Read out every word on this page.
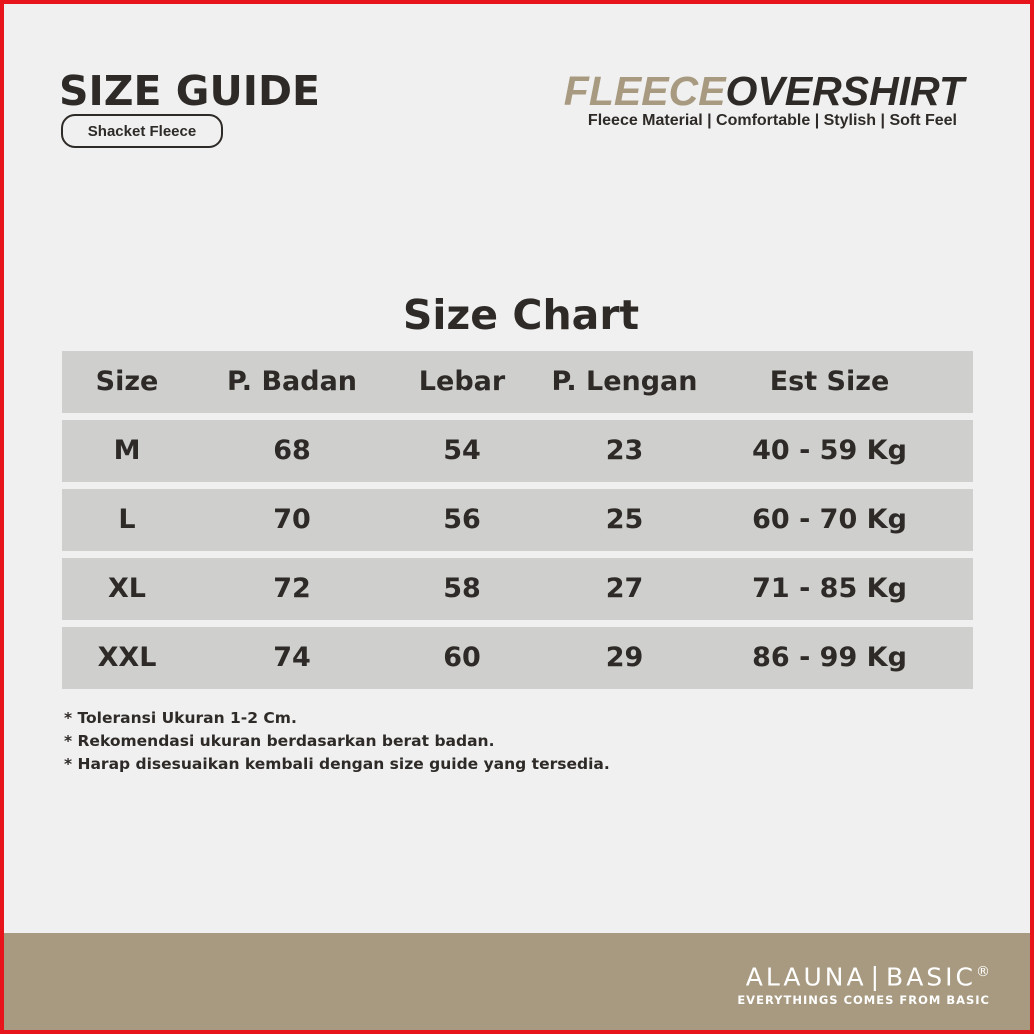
SIZE GUIDE
Shacket Fleece
FLEECEOVERSHIRT
Fleece Material | Comfortable | Stylish | Soft Feel
Size Chart
Size	P. Badan	Lebar	P. Lengan	Est Size
M	68	54	23	40 - 59 Kg
L	70	56	25	60 - 70 Kg
XL	72	58	27	71 - 85 Kg
XXL	74	60	29	86 - 99 Kg
* Toleransi Ukuran 1-2 Cm.
* Rekomendasi ukuran berdasarkan berat badan.
* Harap disesuaikan kembali dengan size guide yang tersedia.
ALAUNA | BASIC®
EVERYTHINGS COMES FROM BASIC
